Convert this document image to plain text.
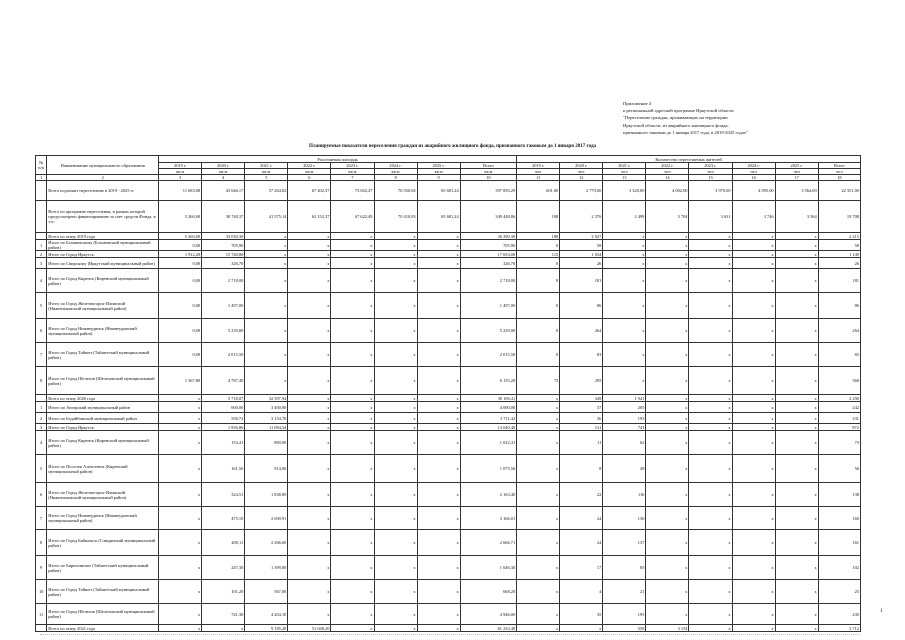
Приложение 4
к региональной адресной программе Иркутской области
"Переселение граждан, проживающих на территории
Иркутской области, из аварийного жилищного фонда,
признанного таковым до 1 января 2017 года, в 2019-2025 годах"
Планируемые показатели переселения граждан из аварийного жилищного фонда, признанного таковым до 1 января 2017 года
№ п/п	Наименование муниципального образования	Расселяемая площадь								Количество переселяемых жителей							
		2019 г.	2020 г.	2021 г.	2022 г.	2023 г.	2024 г.	2025 г.	Всего	2019 г.	2020 г.	2021 г.	2022 г.	2023 г.	2024 г.	2025 г.	Всего
		кв.м	кв.м	кв.м	кв.м	кв.м	кв.м	кв.м	кв.м	чел	чел	чел	чел	чел	чел	чел	чел
1	2	3	4	5	6	7	8	9	10	11	12	13	14	15	16	17	18
	Всего подлежит переселению в 2019 - 2025 гг	11 683,08	43 646,17	57 264,02	67 402,37	73 602,47	76 550,04	65 681,24	397 850,29	601,00	2 779,00	3 320,00	4 002,00	3 970,00	4 095,00	3 564,00	22 351,00
	Всего по программе переселения, в рамках которой предусмотрено финансирование за счет средств Фонда, в т.ч.:	5 260,00	38 748,37	41 575,14	62 152,37	67 622,49	70 410,83	65 681,24	349 448,86	188	2 376	2 499	3 704	3 631	3 746	3 564	19 708
	Всего по этапу 2019 года	5 260,00	33 030,30	x	x	x	x	x	36 290,30	188	2 027	x	x	x	x	x	2 215
1	Итого по Бохановскому (Бохановский муниципальный район)	0,00	705,90	x	x	x	x	x	705,90	0	58	x	x	x	x	x	58
2	Итого по Город Иркутск	1 912,20	15 740,80	x	x	x	x	x	17 653,00	115	1 034	x	x	x	x	x	1 149
3	Итого по Свирскому (Иркутский муниципальный район)	0,00	326,70	x	x	x	x	x	326,70	0	26	x	x	x	x	x	26
4	Итого по Город Киренск (Киренский муниципальный район)	0,00	2 718,00	x	x	x	x	x	2 718,00	0	181	x	x	x	x	x	181
5	Итого по Город Железногорск-Илимский (Нижнеилимский муниципальный район)	0,00	1 497,00	x	x	x	x	x	1 497,00	0	86	x	x	x	x	x	86
6	Итого по Город Нижнеудинск (Нижнеудинский муниципальный район)	0,00	5 239,00	x	x	x	x	x	5 239,00	0	264	x	x	x	x	x	264
7	Итого по Город Тайшет (Тайшетский муниципальный район)	0,00	2 015,50	x	x	x	x	x	2 015,50	0	83	x	x	x	x	x	83
8	Итого по Город Шелехов (Шелеховский муниципальный район)	1 367,80	4 787,40	x	x	x	x	x	6 155,20	73	295	x	x	x	x	x	368
	Всего по этапу 2020 года	x	5 718,07	32 397,94	x	x	x	x	38 106,41	x	349	1 941	x	x	x	x	2 290
1	Итого по Ангарский муниципальный район	x	600,00	3 400,00	x	x	x	x	4 000,00	x	37	205	x	x	x	x	242
2	Итого по Бодайбинский муниципальный район	x	556,72	3 154,70	x	x	x	x	3 711,42	x	36	195	x	x	x	x	231
3	Итого по Город Иркутск	x	1 956,86	11 084,34	x	x	x	x	13 040,40	x	131	741	x	x	x	x	872
4	Итого по Город Киренск (Киренский муниципальный район)	x	153,41	869,00	x	x	x	x	1 022,41	x	11	62	x	x	x	x	73
5	Итого по Поселок Алексеевск (Киренский муниципальный район)	x	161,56	914,00	x	x	x	x	1 075,56	x	8	48	x	x	x	x	56
6	Итого по Город Железногорск-Илимский (Нижнеилимский муниципальный район)	x	324,51	1 838,89	x	x	x	x	2 163,40	x	22	116	x	x	x	x	138
7	Итого по Город Нижнеудинск (Нижнеудинский муниципальный район)	x	475,10	2 690,91	x	x	x	x	3 166,01	x	24	136	x	x	x	x	160
8	Итого по Город Байкальск (Слюдянский муниципальный район)	x	400,11	2 266,60	x	x	x	x	2 666,71	x	24	137	x	x	x	x	161
9	Итого по Бирюсинское (Тайшетский муниципальный район)	x	247,30	1 399,00	x	x	x	x	1 646,30	x	17	85	x	x	x	x	102
10	Итого по Город Тайшет (Тайшетский муниципальный район)	x	101,20	567,00	x	x	x	x	668,20	x	4	21	x	x	x	x	25
11	Итого по Город Шелехов (Шелеховский муниципальный район)	x	741,30	4 204,10	x	x	x	x	4 946,00	x	35	195	x	x	x	x	230
	Всего по этапу 2021 года	x	x	9 185,20	51 048,20	x	x	x	61 233,40	x	x	558	3 154	x	x	x	3 712
1
